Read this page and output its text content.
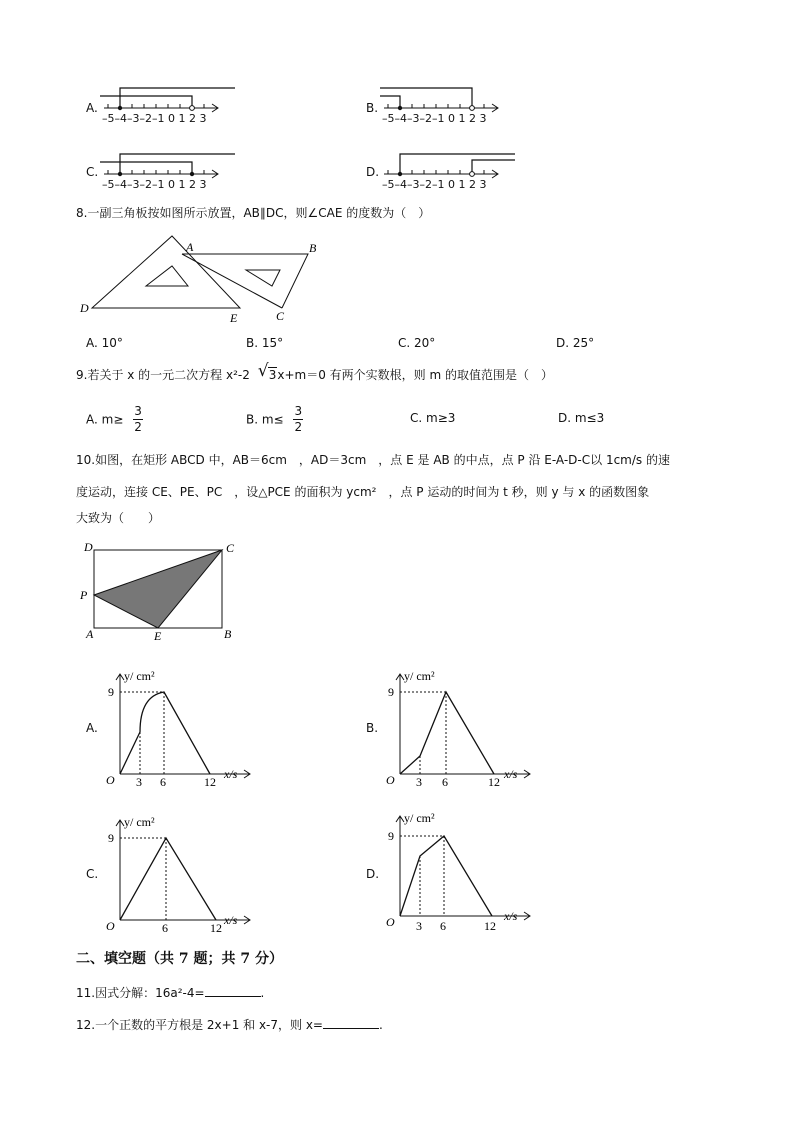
A.
–5–4–3–2–1 0 1 2 3
B.
–5–4–3–2–1 0 1 2 3
C.
–5–4–3–2–1 0 1 2 3
D.
–5–4–3–2–1 0 1 2 3
8.一副三角板按如图所示放置，AB∥DC，则∠CAE 的度数为（　）
A	B
C
D
E
A. 10°	B. 15°	C. 20°	D. 25°
9.若关于 x 的一元二次方程 x²-2 √ 3x+m＝0 有两个实数根，则 m 的取值范围是（　）
A. $m\ge \frac{3}{2}$	B. $m\le \frac{3}{2}$	C. m≥3	D. m≤3
10.如图，在矩形 ABCD 中，AB＝6cm　，AD＝3cm　，点 E 是 AB 的中点，点 P 沿 E-A-D-C以 1cm/s 的速
度运动，连接 CE、PE、PC　，设△PCE 的面积为 ycm²　，点 P 运动的时间为 t 秒，则 y 与 x 的函数图象
大致为（　　）
D	C
P
A	E	B
A.
y/ cm²
9
O 3 6	12
x/s
B.
y/ cm²
9
O 3 6	12
x/s
C.
y/ cm²
9
O	6	12
x/s
D.
y/ cm²
9
O 3 6	12
x/s
二、填空题（共 7 题；共 7 分）
11.因式分解：16a²-4=	.
12.一个正数的平方根是 2x+1 和 x-7，则 x=	.
